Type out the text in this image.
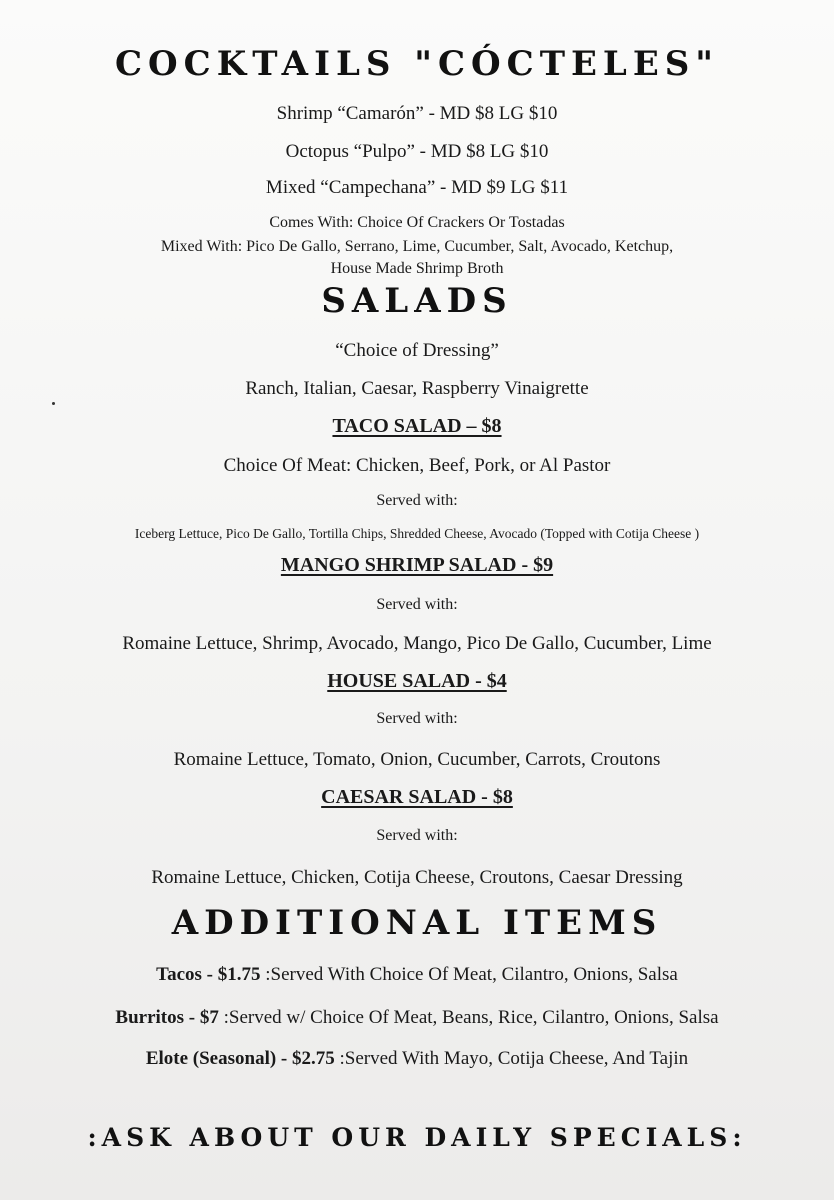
COCKTAILS "CÓCTELES"
Shrimp “Camarón” - MD $8 LG $10
Octopus “Pulpo” - MD $8 LG $10
Mixed “Campechana” - MD $9 LG $11
Comes With: Choice Of Crackers Or Tostadas
Mixed With: Pico De Gallo, Serrano, Lime, Cucumber, Salt, Avocado, Ketchup,
House Made Shrimp Broth
SALADS
“Choice of Dressing”
Ranch, Italian, Caesar, Raspberry Vinaigrette
TACO SALAD – $8
Choice Of Meat: Chicken, Beef, Pork, or Al Pastor
Served with:
Iceberg Lettuce, Pico De Gallo, Tortilla Chips, Shredded Cheese, Avocado (Topped with Cotija Cheese )
MANGO SHRIMP SALAD - $9
Served with:
Romaine Lettuce, Shrimp, Avocado, Mango, Pico De Gallo, Cucumber, Lime
HOUSE SALAD - $4
Served with:
Romaine Lettuce, Tomato, Onion, Cucumber, Carrots, Croutons
CAESAR SALAD - $8
Served with:
Romaine Lettuce, Chicken, Cotija Cheese, Croutons, Caesar Dressing
ADDITIONAL ITEMS
Tacos - $1.75 :Served With Choice Of Meat, Cilantro, Onions, Salsa
Burritos - $7 :Served w/ Choice Of Meat, Beans, Rice, Cilantro, Onions, Salsa
Elote (Seasonal) - $2.75 :Served With Mayo, Cotija Cheese, And Tajin
:ASK ABOUT OUR DAILY SPECIALS:
